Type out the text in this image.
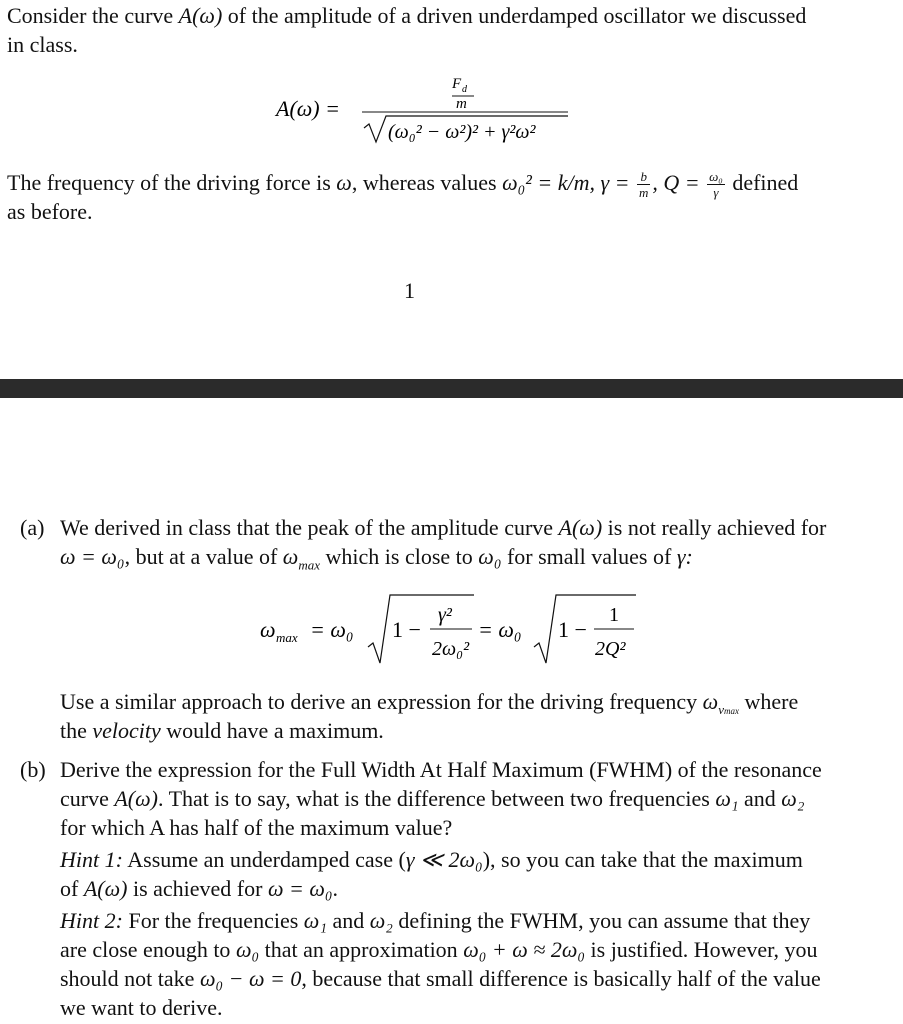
Consider the curve A(ω) of the amplitude of a driven underdamped oscillator we discussed
in class.
A(ω) =
F d
m
(ω₀² − ω²)² + γ²ω²
The frequency of the driving force is ω, whereas values ω₀² = k/m, $\gamma = \frac{b}{m}$ , $Q = \frac{\text{ω₀}}{\gamma}$ defined
as before.
1
(a) We derived in class that the peak of the amplitude curve A(ω) is not really achieved for
ω = ω₀, but at a value of $\omega_{max}$ which is close to ω₀ for small values of γ:
ω max = ω₀ 1 −
γ²
2ω₀²
= ω₀ 1 −
1
2Q²
Use a similar approach to derive an expression for the driving frequency $\omega_{vmax}$ where
the velocity would have a maximum.
(b) Derive the expression for the Full Width At Half Maximum (FWHM) of the resonance
curve A(ω). That is to say, what is the difference between two frequencies ω₁ and ω₂
for which A has half of the maximum value?
Hint 1: Assume an underdamped case (γ ≪ 2ω₀), so you can take that the maximum
of A(ω) is achieved for ω = ω₀.
Hint 2: For the frequencies ω₁ and ω₂ defining the FWHM, you can assume that they
are close enough to ω₀ that an approximation ω₀ + ω ≈ 2ω₀ is justified. However, you
should not take ω₀ − ω = 0, because that small difference is basically half of the value
we want to derive.
